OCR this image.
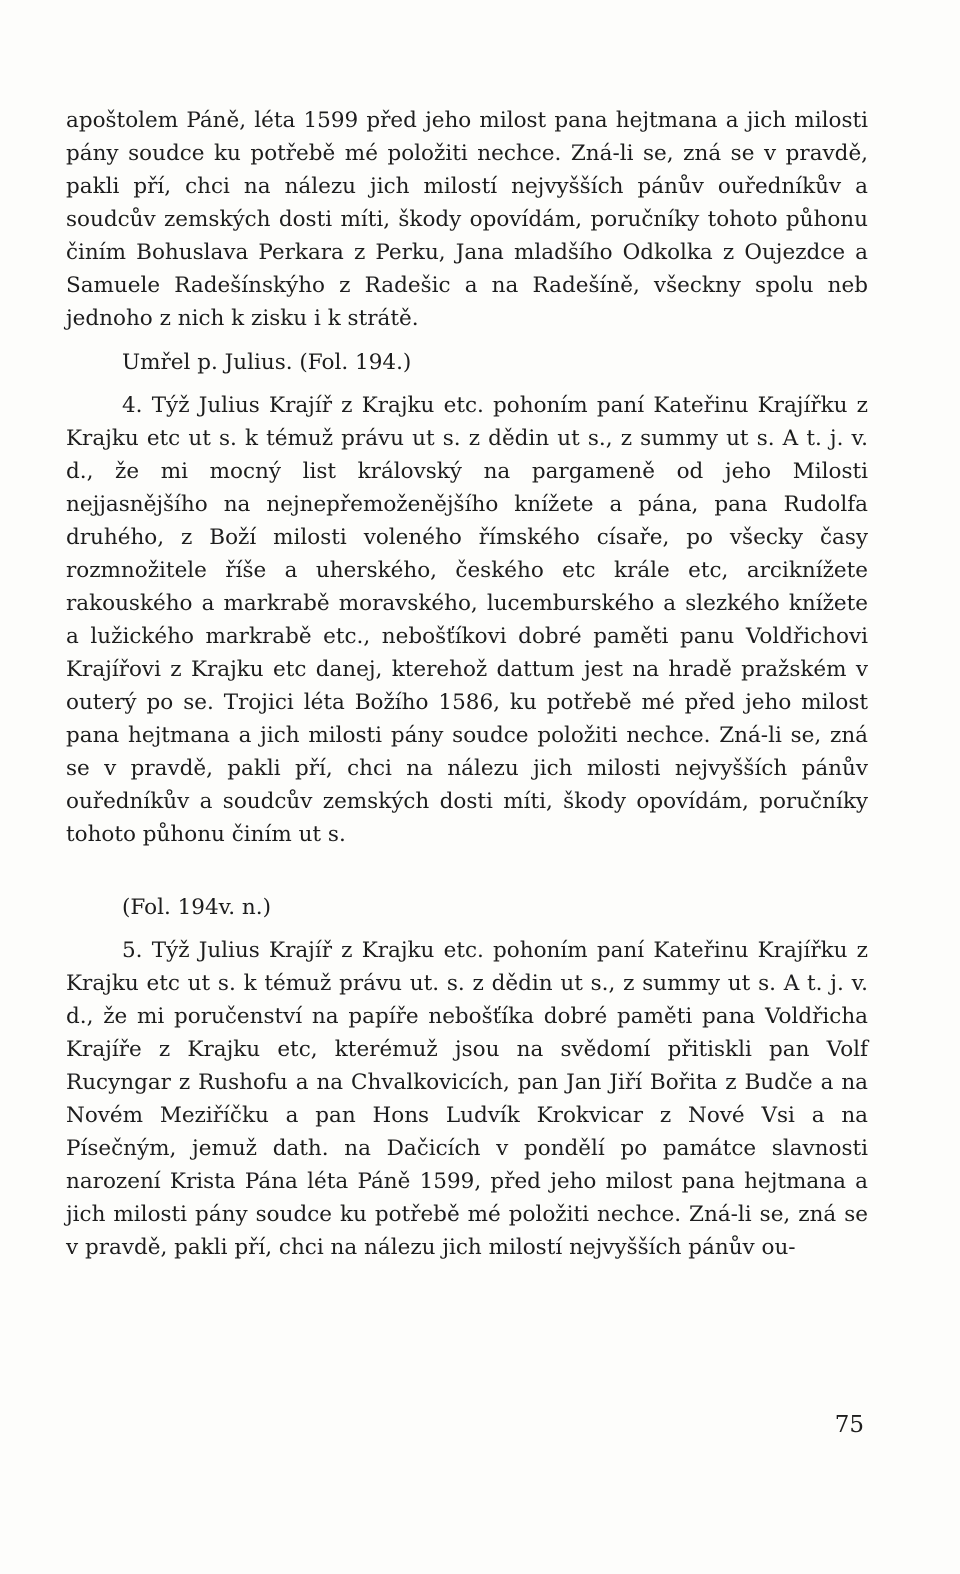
apoštolem Páně, léta 1599 před jeho milost pana hejtmana a jich milosti pány soudce ku potřebě mé položiti nechce. Zná-li se, zná se v pravdě, pakli pří, chci na nálezu jich milostí nejvyšších pánův ouředníkův a soudcův zemských dosti míti, škody opovídám, poručníky tohoto půhonu činím Bohuslava Perkara z Perku, Jana mladšího Odkolka z Oujezdce a Samuele Radešínskýho z Radešic a na Radešíně, všeckny spolu neb jednoho z nich k zisku i k strátě.

Umřel p. Julius. (Fol. 194.)

4. Týž Julius Krajíř z Krajku etc. pohoním paní Kateřinu Krajířku z Krajku etc ut s. k témuž právu ut s. z dědin ut s., z summy ut s. A t. j. v. d., že mi mocný list královský na pargameně od jeho Milosti nejjasnějšího na nejnepřemoženějšího knížete a pána, pana Rudolfa druhého, z Boží milosti voleného římského císaře, po všecky časy rozmnožitele říše a uherského, českého etc krále etc, arciknížete rakouského a markrabě moravského, lucemburského a slezkého knížete a lužického markrabě etc., nebošťíkovi dobré paměti panu Voldřichovi Krajířovi z Krajku etc danej, kterehož dattum jest na hradě pražském v outerý po se. Trojici léta Božího 1586, ku potřebě mé před jeho milost pana hejtmana a jich milosti pány soudce položiti nechce. Zná-li se, zná se v pravdě, pakli pří, chci na nálezu jich milosti nejvyšších pánův ouředníkův a soudcův zemských dosti míti, škody opovídám, poručníky tohoto půhonu činím ut s.

(Fol. 194v. n.)

5. Týž Julius Krajíř z Krajku etc. pohoním paní Kateřinu Krajířku z Krajku etc ut s. k témuž právu ut. s. z dědin ut s., z summy ut s. A t. j. v. d., že mi poručenství na papíře nebošťíka dobré paměti pana Voldřicha Krajíře z Krajku etc, kterémuž jsou na svědomí přitiskli pan Volf Rucyngar z Rushofu a na Chvalkovicích, pan Jan Jiří Bořita z Budče a na Novém Meziříčku a pan Hons Ludvík Krokvicar z Nové Vsi a na Písečným, jemuž dath. na Dačicích v pondělí po památce slavnosti narození Krista Pána léta Páně 1599, před jeho milost pana hejtmana a jich milosti pány soudce ku potřebě mé položiti nechce. Zná-li se, zná se v pravdě, pakli pří, chci na nálezu jich milostí nejvyšších pánův ou-

75
